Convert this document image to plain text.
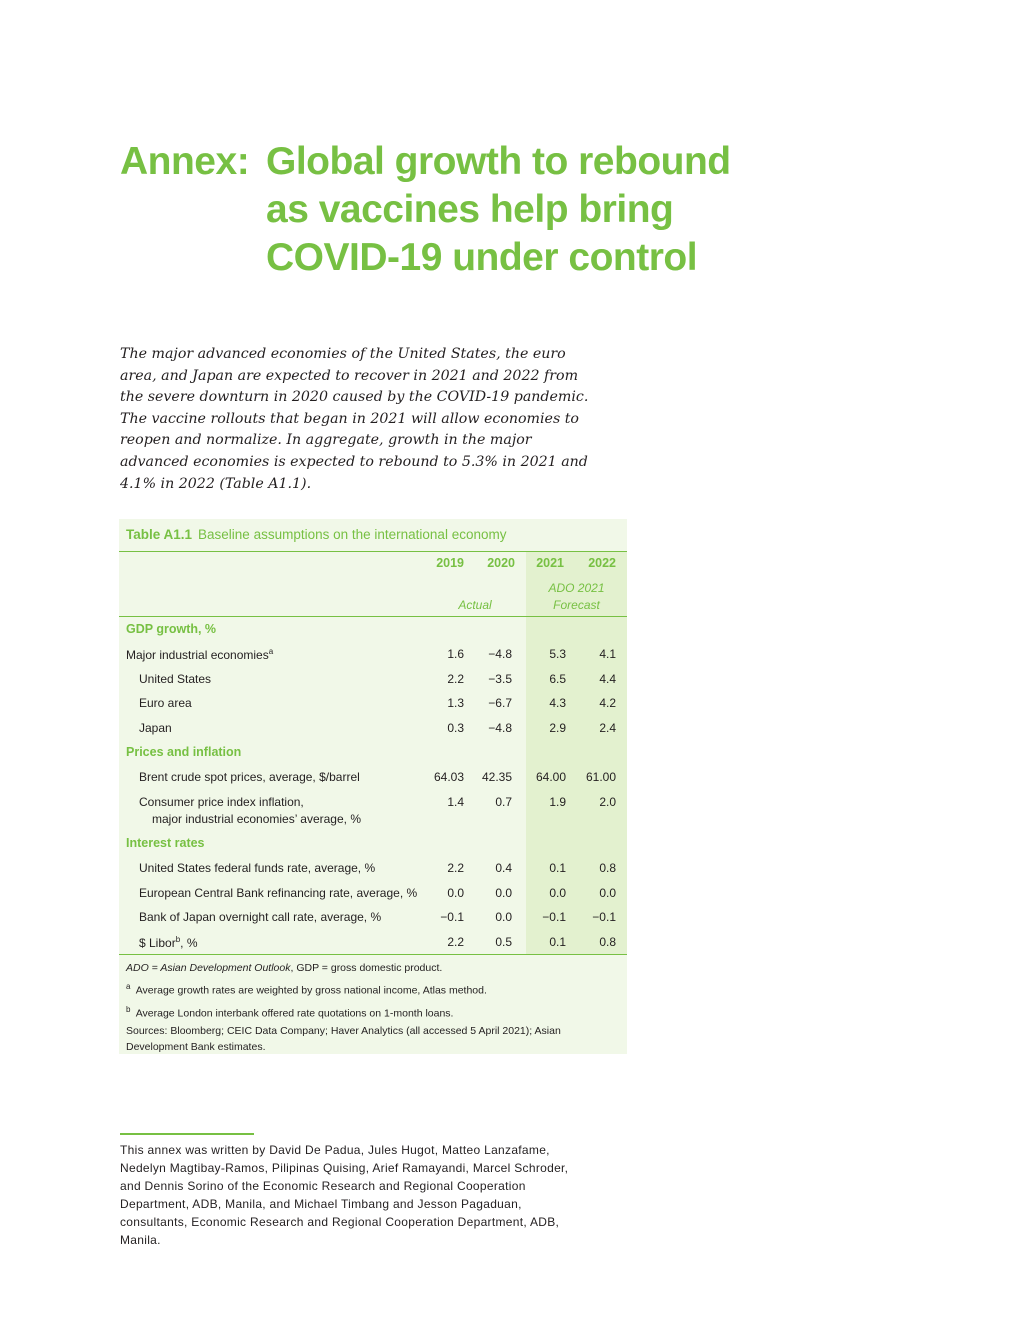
Annex: Global growth to rebound
as vaccines help bring
COVID-19 under control
The major advanced economies of the United States, the euro area, and Japan are expected to recover in 2021 and 2022 from the severe downturn in 2020 caused by the COVID-19 pandemic. The vaccine rollouts that began in 2021 will allow economies to reopen and normalize. In aggregate, growth in the major advanced economies is expected to rebound to 5.3% in 2021 and 4.1% in 2022 (Table A1.1).
Table A1.1 Baseline assumptions on the international economy
2019	2020	2021	2022
ADO 2021
Actual	Forecast
GDP growth, %
Major industrial economies$^a$	1.6	−4.8	5.3	4.1
United States	2.2	−3.5	6.5	4.4
Euro area	1.3	−6.7	4.3	4.2
Japan	0.3	−4.8	2.9	2.4
Prices and inflation
Brent crude spot prices, average, $/barrel	64.03	42.35	64.00	61.00
Consumer price index inflation,	1.4	0.7	1.9	2.0
major industrial economies’ average, %
Interest rates
United States federal funds rate, average, %	2.2	0.4	0.1	0.8
European Central Bank refinancing rate, average, %	0.0	0.0	0.0	0.0
Bank of Japan overnight call rate, average, %	−0.1	0.0	−0.1	−0.1
$ Libor$^b$, %	2.2	0.5	0.1	0.8
ADO = Asian Development Outlook, GDP = gross domestic product.
$^a$ Average growth rates are weighted by gross national income, Atlas method.
$^b$ Average London interbank offered rate quotations on 1-month loans.
Sources: Bloomberg; CEIC Data Company; Haver Analytics (all accessed 5 April 2021); Asian Development Bank estimates.
This annex was written by David De Padua, Jules Hugot, Matteo Lanzafame, Nedelyn Magtibay-Ramos, Pilipinas Quising, Arief Ramayandi, Marcel Schroder, and Dennis Sorino of the Economic Research and Regional Cooperation Department, ADB, Manila, and Michael Timbang and Jesson Pagaduan, consultants, Economic Research and Regional Cooperation Department, ADB, Manila.
